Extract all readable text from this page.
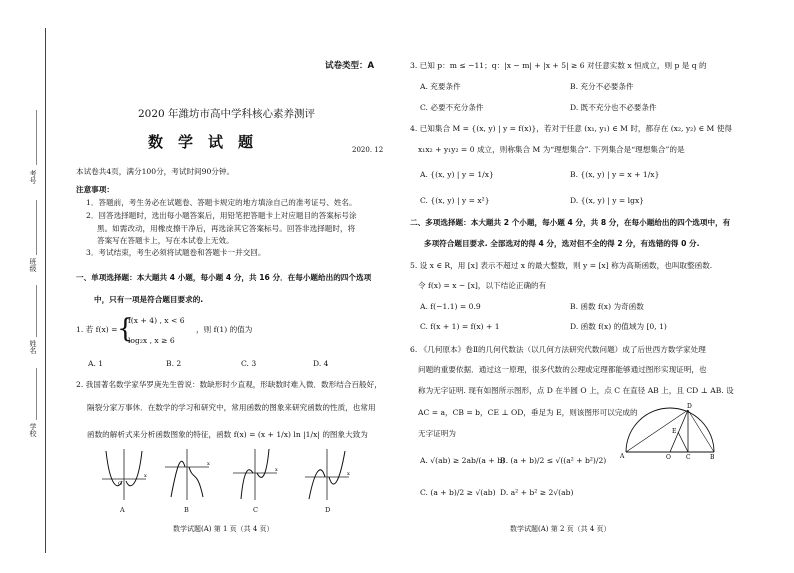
考号
班级
姓名
学校
试卷类型：A
2020 年潍坊市高中学科核心素养测评
数　学　试　题	2020. 12
本试卷共4页，满分100分，考试时间90分钟。
注意事项：
1．答题前，考生务必在试题卷、答题卡规定的地方填涂自己的准考证号、姓名。
2．回答选择题时，选出每小题答案后，用铅笔把答题卡上对应题目的答案标号涂
黑。如需改动，用橡皮擦干净后，再选涂其它答案标号。回答非选择题时，将
答案写在答题卡上，写在本试卷上无效。
3．考试结束，考生必须将试题卷和答题卡一并交回。
一、单项选择题：本大题共 4 小题，每小题 4 分，共 16 分．在每小题给出的四个选项
中，只有一项是符合题目要求的.
1. 若 f(x) = {
f(x + 4) , x < 6
log₂x , x ≥ 6
，则 f(1) 的值为
A. 1	B. 2	C. 3	D. 4
2. 我国著名数学家华罗庚先生曾说：数缺形时少直观，形缺数时难入微．数形结合百般好，
隔裂分家万事休．在数学的学习和研究中，常用函数的图象来研究函数的性质，也常用
函数的解析式来分析函数图象的特征，函数 f(x) = (x + 1/x) ln |1/x| 的图象大致为
x
O
x
x
x
A	B	C	D
数学试题(A) 第 1 页（共 4 页）
3. 已知 p：m ≤ −11；q：|x − m| + |x + 5| ≥ 6 对任意实数 x 恒成立，则 p 是 q 的
A. 充要条件	B. 充分不必要条件
C. 必要不充分条件	D. 既不充分也不必要条件
4. 已知集合 M = {(x, y) | y = f(x)}，若对于任意 (x₁, y₁) ∈ M 时，都存在 (x₂, y₂) ∈ M 使得
x₁x₂ + y₁y₂ = 0 成立，则称集合 M 为“理想集合”. 下列集合是“理想集合”的是
A. {(x, y) | y = 1/x}	B. {(x, y) | y = x + 1/x}
C. {(x, y) | y = x²}	D. {(x, y) | y = lgx}
二、多项选择题：本大题共 2 个小题，每小题 4 分，共 8 分，在每小题给出的四个选项中，有
多项符合题目要求. 全部选对的得 4 分，选对但不全的得 2 分，有选错的得 0 分.
5. 设 x ∈ R，用 [x] 表示不超过 x 的最大整数，则 y = [x] 称为高斯函数，也叫取整函数.
令 f(x) = x − [x]，以下结论正确的有
A. f(−1.1) = 0.9	B. 函数 f(x) 为奇函数
C. f(x + 1) = f(x) + 1	D. 函数 f(x) 的值域为 [0, 1)
6. 《几何原本》卷Ⅱ的几何代数法（以几何方法研究代数问题）成了后世西方数学家处理
问题的重要依据．通过这一原理，很多代数的公理或定理都能够通过图形实现证明，也
称为无字证明. 现有如图所示图形，点 D 在半圆 O 上，点 C 在直径 AB 上，且 CD ⊥ AB. 设
AC = a，CB = b，CE ⊥ OD，垂足为 E，则该图形可以完成的
无字证明为
A. √(ab) ≥ 2ab/(a + b)
B. (a + b)/2 ≤ √((a² + b²)/2)
C. (a + b)/2 ≥ √(ab) D. a² + b² ≥ 2√(ab)
D
E
A	O	C	B
数学试题(A) 第 2 页（共 4 页）
